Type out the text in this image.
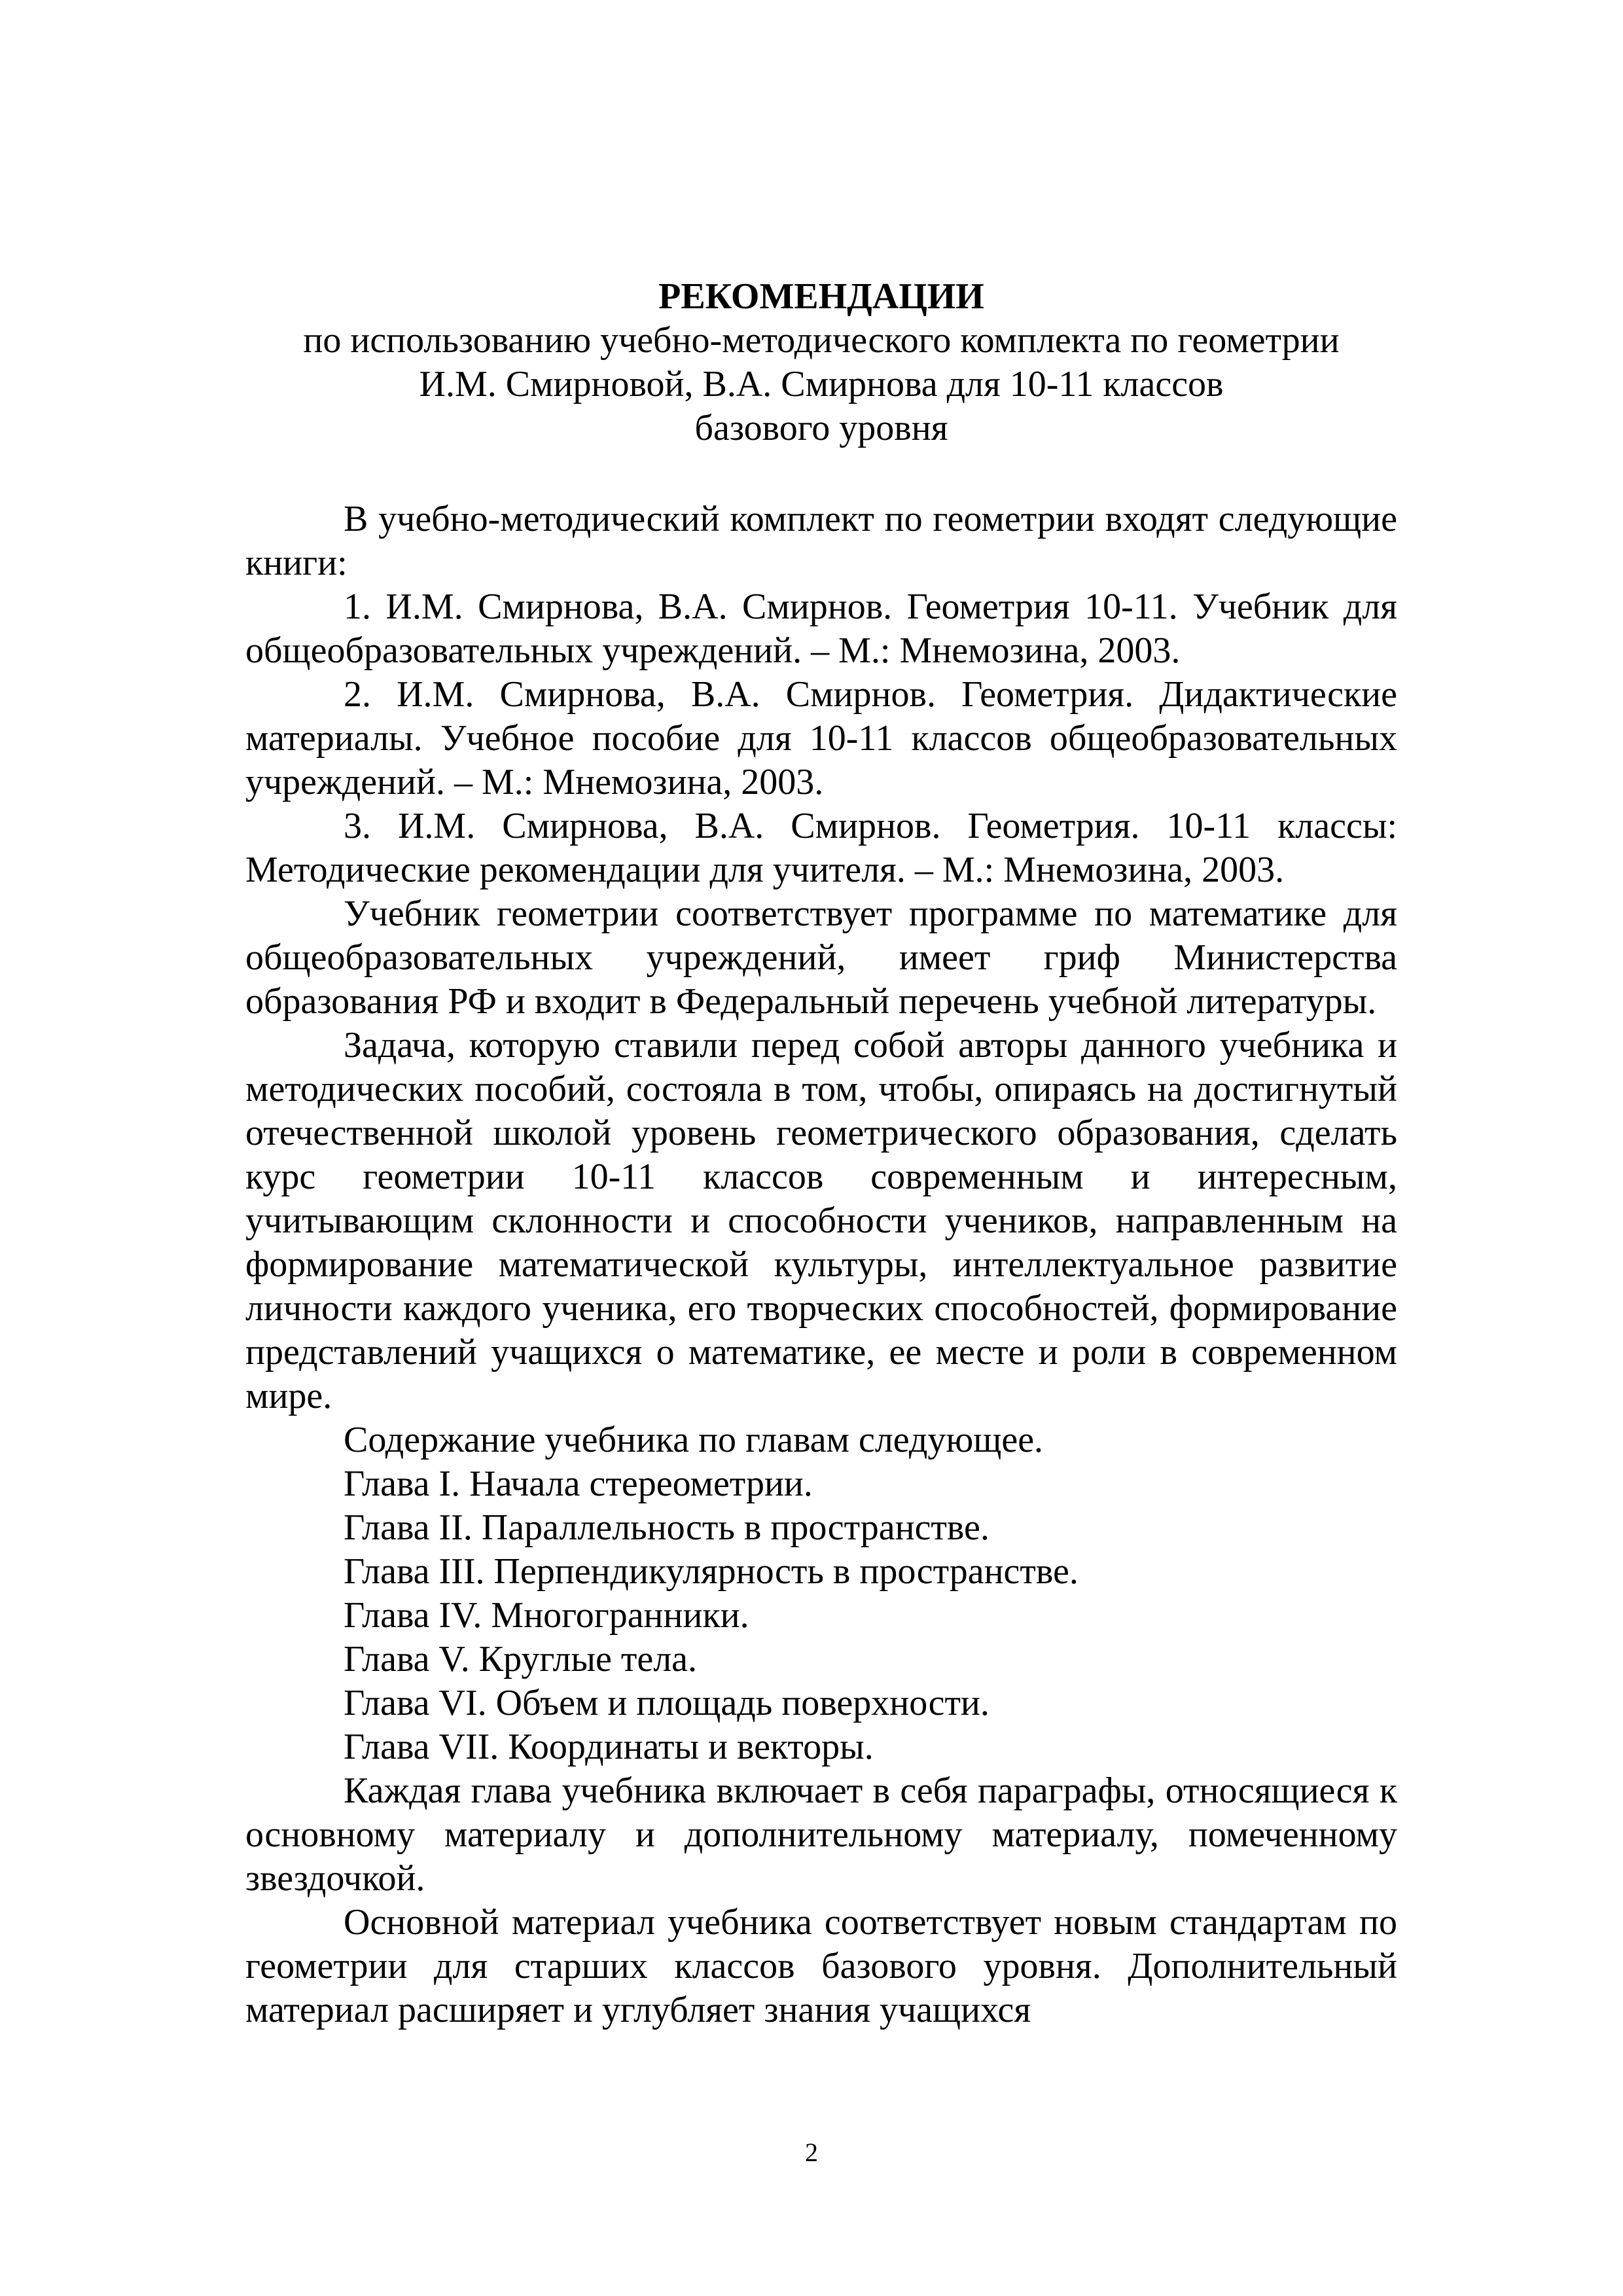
РЕКОМЕНДАЦИИ
по использованию учебно-методического комплекта по геометрии
И.М. Смирновой, В.А. Смирнова для 10-11 классов
базового уровня

В учебно-методический комплект по геометрии входят следующие книги:

1. И.М. Смирнова, В.А. Смирнов. Геометрия 10-11. Учебник для общеобразовательных учреждений. – М.: Мнемозина, 2003.

2. И.М. Смирнова, В.А. Смирнов. Геометрия. Дидактические материалы. Учебное пособие для 10-11 классов общеобразовательных учреждений. – М.: Мнемозина, 2003.

3. И.М. Смирнова, В.А. Смирнов. Геометрия. 10-11 классы: Методические рекомендации для учителя. – М.: Мнемозина, 2003.

Учебник геометрии соответствует программе по математике для общеобразовательных учреждений, имеет гриф Министерства образования РФ и входит в Федеральный перечень учебной литературы.

Задача, которую ставили перед собой авторы данного учебника и методических пособий, состояла в том, чтобы, опираясь на достигнутый отечественной школой уровень геометрического образования, сделать курс геометрии 10-11 классов современным и интересным, учитывающим склонности и способности учеников, направленным на формирование математической культуры, интеллектуальное развитие личности каждого ученика, его творческих способностей, формирование представлений учащихся о математике, ее месте и роли в современном мире.

Содержание учебника по главам следующее.

Глава I. Начала стереометрии.

Глава II. Параллельность в пространстве.

Глава III. Перпендикулярность в пространстве.

Глава IV. Многогранники.

Глава V. Круглые тела.

Глава VI. Объем и площадь поверхности.

Глава VII. Координаты и векторы.

Каждая глава учебника включает в себя параграфы, относящиеся к основному материалу и дополнительному материалу, помеченному звездочкой.

Основной материал учебника соответствует новым стандартам по геометрии для старших классов базового уровня. Дополнительный материал расширяет и углубляет знания учащихся

2
